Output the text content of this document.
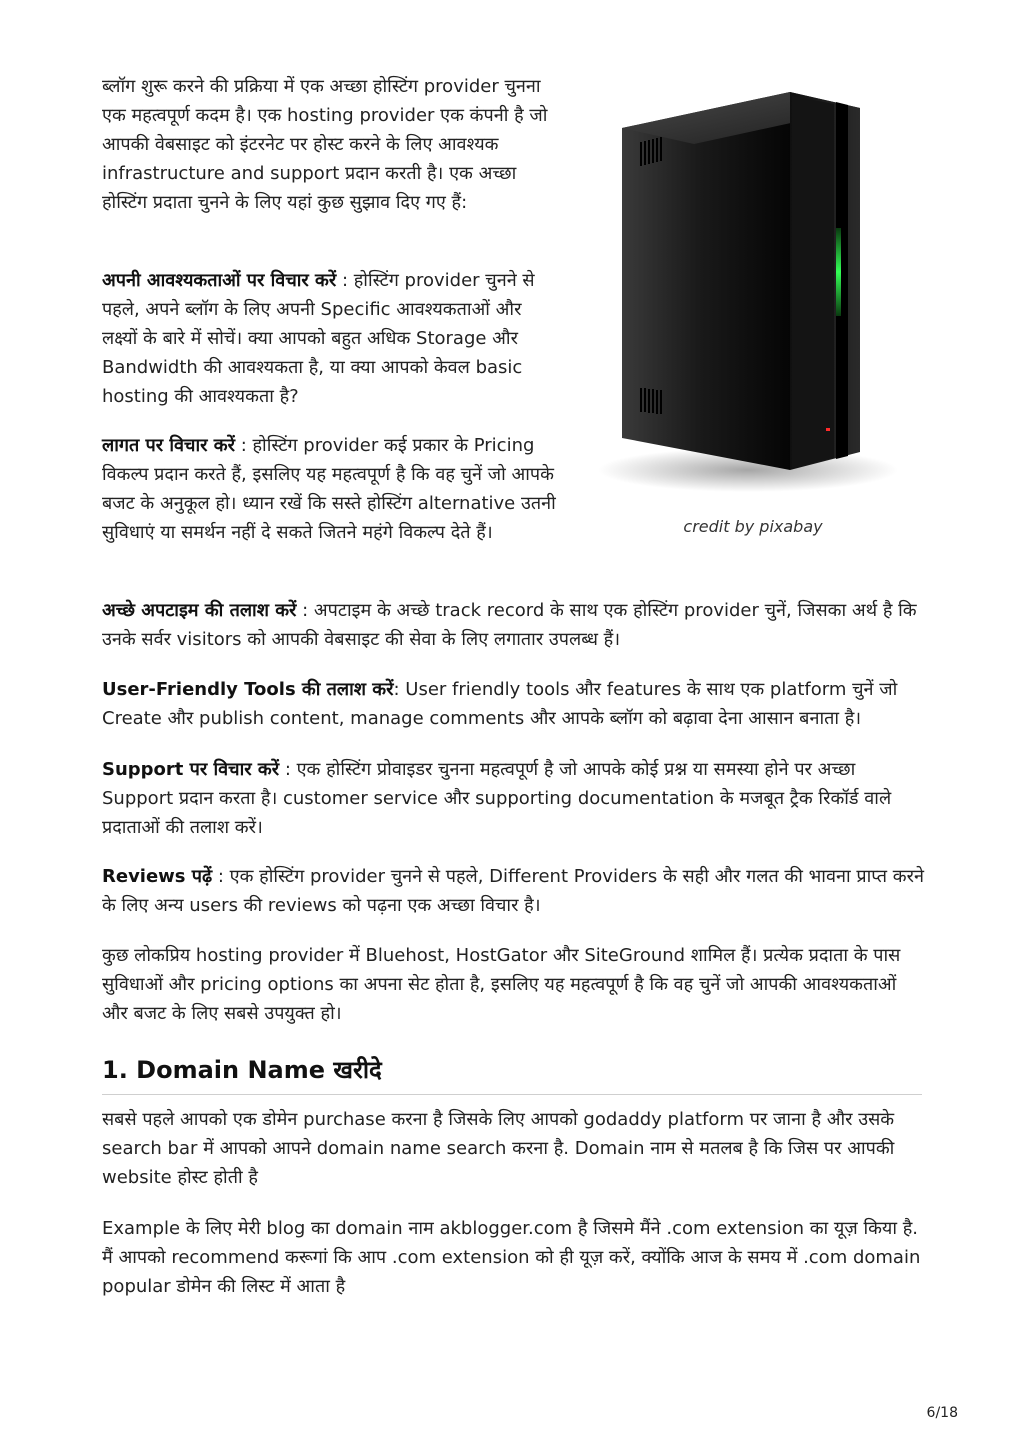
ब्लॉग शुरू करने की प्रक्रिया में एक अच्छा होस्टिंग provider चुनना एक महत्वपूर्ण कदम है। एक hosting provider एक कंपनी है जो आपकी वेबसाइट को इंटरनेट पर होस्ट करने के लिए आवश्यक infrastructure and support प्रदान करती है। एक अच्छा होस्टिंग प्रदाता चुनने के लिए यहां कुछ सुझाव दिए गए हैं:

अपनी आवश्यकताओं पर विचार करें : होस्टिंग provider चुनने से पहले, अपने ब्लॉग के लिए अपनी Specific आवश्यकताओं और लक्ष्यों के बारे में सोचें। क्या आपको बहुत अधिक Storage और Bandwidth की आवश्यकता है, या क्या आपको केवल basic hosting की आवश्यकता है?

लागत पर विचार करें : होस्टिंग provider कई प्रकार के Pricing विकल्प प्रदान करते हैं, इसलिए यह महत्वपूर्ण है कि वह चुनें जो आपके बजट के अनुकूल हो। ध्यान रखें कि सस्ते होस्टिंग alternative उतनी सुविधाएं या समर्थन नहीं दे सकते जितने महंगे विकल्प देते हैं।	credit by pixabay

अच्छे अपटाइम की तलाश करें : अपटाइम के अच्छे track record के साथ एक होस्टिंग provider चुनें, जिसका अर्थ है कि उनके सर्वर visitors को आपकी वेबसाइट की सेवा के लिए लगातार उपलब्ध हैं।

User-Friendly Tools की तलाश करें: User friendly tools और features के साथ एक platform चुनें जो Create और publish content, manage comments और आपके ब्लॉग को बढ़ावा देना आसान बनाता है।

Support पर विचार करें : एक होस्टिंग प्रोवाइडर चुनना महत्वपूर्ण है जो आपके कोई प्रश्न या समस्या होने पर अच्छा Support प्रदान करता है। customer service और supporting documentation के मजबूत ट्रैक रिकॉर्ड वाले प्रदाताओं की तलाश करें।

Reviews पढ़ें : एक होस्टिंग provider चुनने से पहले, Different Providers के सही और गलत की भावना प्राप्त करने के लिए अन्य users की reviews को पढ़ना एक अच्छा विचार है।

कुछ लोकप्रिय hosting provider में Bluehost, HostGator और SiteGround शामिल हैं। प्रत्येक प्रदाता के पास सुविधाओं और pricing options का अपना सेट होता है, इसलिए यह महत्वपूर्ण है कि वह चुनें जो आपकी आवश्यकताओं और बजट के लिए सबसे उपयुक्त हो।

1. Domain Name खरीदे

सबसे पहले आपको एक डोमेन purchase करना है जिसके लिए आपको godaddy platform पर जाना है और उसके search bar में आपको आपने domain name search करना है. Domain नाम से मतलब है कि जिस पर आपकी website होस्ट होती है

Example के लिए मेरी blog का domain नाम akblogger.com है जिसमे मैंने .com extension का यूज़ किया है. मैं आपको recommend करूगां कि आप .com extension को ही यूज़ करें, क्योंकि आज के समय में .com domain popular डोमेन की लिस्ट में आता है

6/18
